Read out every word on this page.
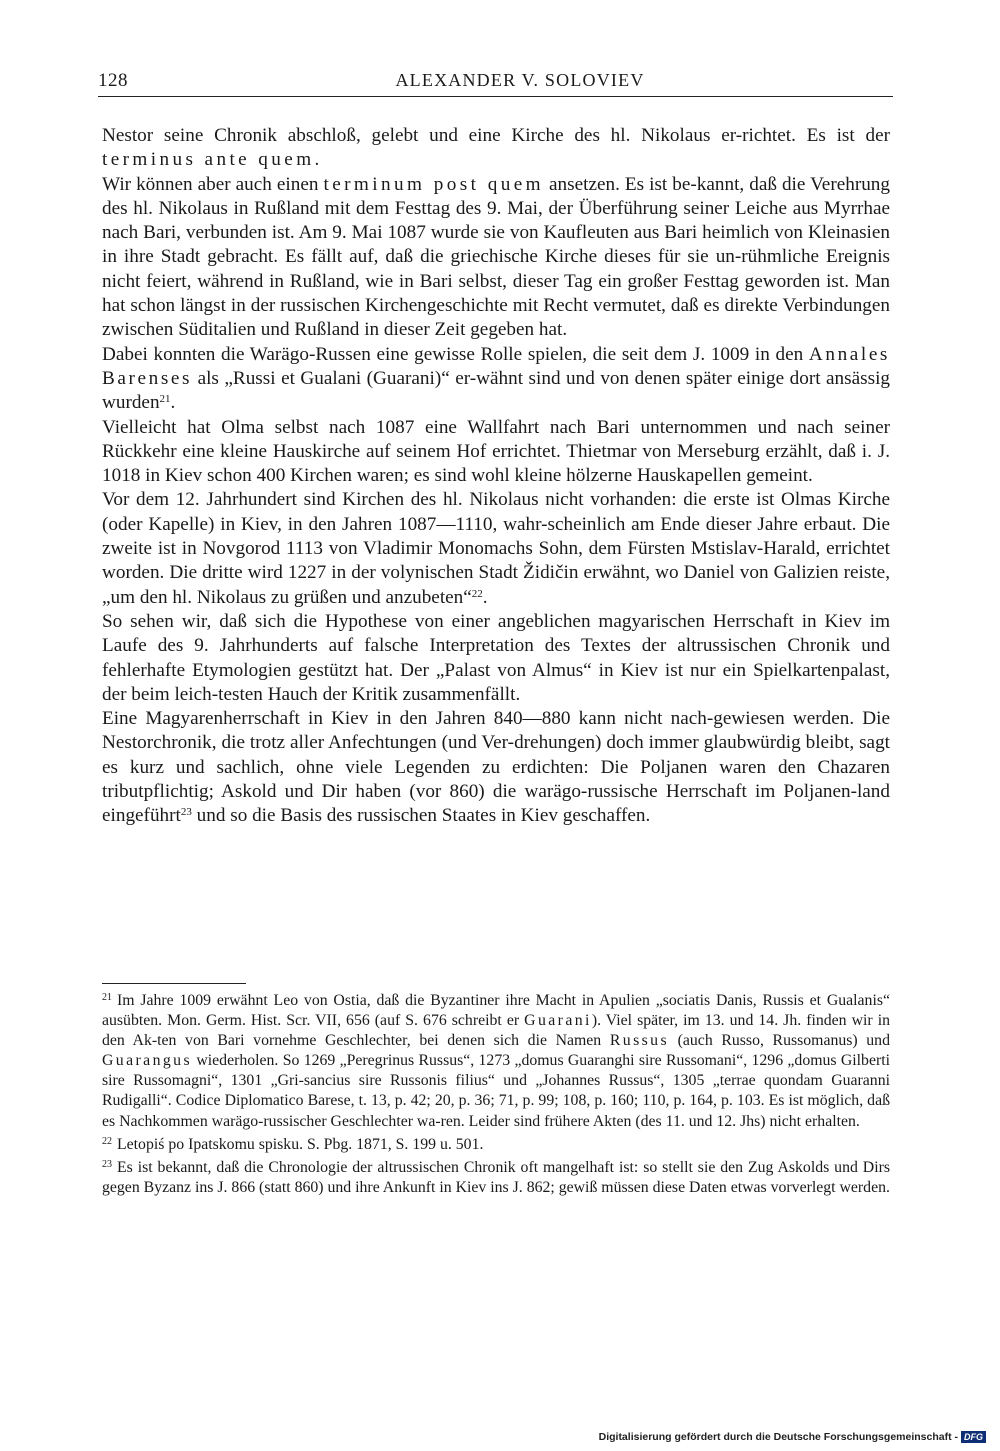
128	ALEXANDER V. SOLOVIEV

Nestor seine Chronik abschloß, gelebt und eine Kirche des hl. Nikolaus er-richtet. Es ist der terminus ante quem.

Wir können aber auch einen terminum post quem ansetzen. Es ist be-kannt, daß die Verehrung des hl. Nikolaus in Rußland mit dem Festtag des 9. Mai, der Überführung seiner Leiche aus Myrrhae nach Bari, verbunden ist. Am 9. Mai 1087 wurde sie von Kaufleuten aus Bari heimlich von Kleinasien in ihre Stadt gebracht. Es fällt auf, daß die griechische Kirche dieses für sie un-rühmliche Ereignis nicht feiert, während in Rußland, wie in Bari selbst, dieser Tag ein großer Festtag geworden ist. Man hat schon längst in der russischen Kirchengeschichte mit Recht vermutet, daß es direkte Verbindungen zwischen Süditalien und Rußland in dieser Zeit gegeben hat.

Dabei konnten die Warägo-Russen eine gewisse Rolle spielen, die seit dem J. 1009 in den Annales Barenses als „Russi et Gualani (Guarani)“ er-wähnt sind und von denen später einige dort ansässig wurden$^{21}$.

Vielleicht hat Olma selbst nach 1087 eine Wallfahrt nach Bari unternommen und nach seiner Rückkehr eine kleine Hauskirche auf seinem Hof errichtet. Thietmar von Merseburg erzählt, daß i. J. 1018 in Kiev schon 400 Kirchen waren; es sind wohl kleine hölzerne Hauskapellen gemeint.

Vor dem 12. Jahrhundert sind Kirchen des hl. Nikolaus nicht vorhanden: die erste ist Olmas Kirche (oder Kapelle) in Kiev, in den Jahren 1087—1110, wahr-scheinlich am Ende dieser Jahre erbaut. Die zweite ist in Novgorod 1113 von Vladimir Monomachs Sohn, dem Fürsten Mstislav-Harald, errichtet worden. Die dritte wird 1227 in der volynischen Stadt Židičin erwähnt, wo Daniel von Galizien reiste, „um den hl. Nikolaus zu grüßen und anzubeten“$^{22}$.

So sehen wir, daß sich die Hypothese von einer angeblichen magyarischen Herrschaft in Kiev im Laufe des 9. Jahrhunderts auf falsche Interpretation des Textes der altrussischen Chronik und fehlerhafte Etymologien gestützt hat. Der „Palast von Almus“ in Kiev ist nur ein Spielkartenpalast, der beim leich-testen Hauch der Kritik zusammenfällt.

Eine Magyarenherrschaft in Kiev in den Jahren 840—880 kann nicht nach-gewiesen werden. Die Nestorchronik, die trotz aller Anfechtungen (und Ver-drehungen) doch immer glaubwürdig bleibt, sagt es kurz und sachlich, ohne viele Legenden zu erdichten: Die Poljanen waren den Chazaren tributpflichtig; Askold und Dir haben (vor 860) die warägo-russische Herrschaft im Poljanen-land eingeführt$^{23}$ und so die Basis des russischen Staates in Kiev geschaffen.

$^{21}$ Im Jahre 1009 erwähnt Leo von Ostia, daß die Byzantiner ihre Macht in Apulien „sociatis Danis, Russis et Gualanis“ ausübten. Mon. Germ. Hist. Scr. VII, 656 (auf S. 676 schreibt er Guarani). Viel später, im 13. und 14. Jh. finden wir in den Ak-ten von Bari vornehme Geschlechter, bei denen sich die Namen Russus (auch Russo, Russomanus) und Guarangus wiederholen. So 1269 „Peregrinus Russus“, 1273 „domus Guaranghi sire Russomani“, 1296 „domus Gilberti sire Russomagni“, 1301 „Gri-sancius sire Russonis filius“ und „Johannes Russus“, 1305 „terrae quondam Guaranni Rudigalli“. Codice Diplomatico Barese, t. 13, p. 42; 20, p. 36; 71, p. 99; 108, p. 160; 110, p. 164, p. 103. Es ist möglich, daß es Nachkommen warägo-russischer Geschlechter wa-ren. Leider sind frühere Akten (des 11. und 12. Jhs) nicht erhalten.

$^{22}$ Letopiś po Ipatskomu spisku. S. Pbg. 1871, S. 199 u. 501.

$^{23}$ Es ist bekannt, daß die Chronologie der altrussischen Chronik oft mangelhaft ist: so stellt sie den Zug Askolds und Dirs gegen Byzanz ins J. 866 (statt 860) und ihre Ankunft in Kiev ins J. 862; gewiß müssen diese Daten etwas vorverlegt werden.

Digitalisierung gefördert durch die Deutsche Forschungsgemeinschaft - DFG
